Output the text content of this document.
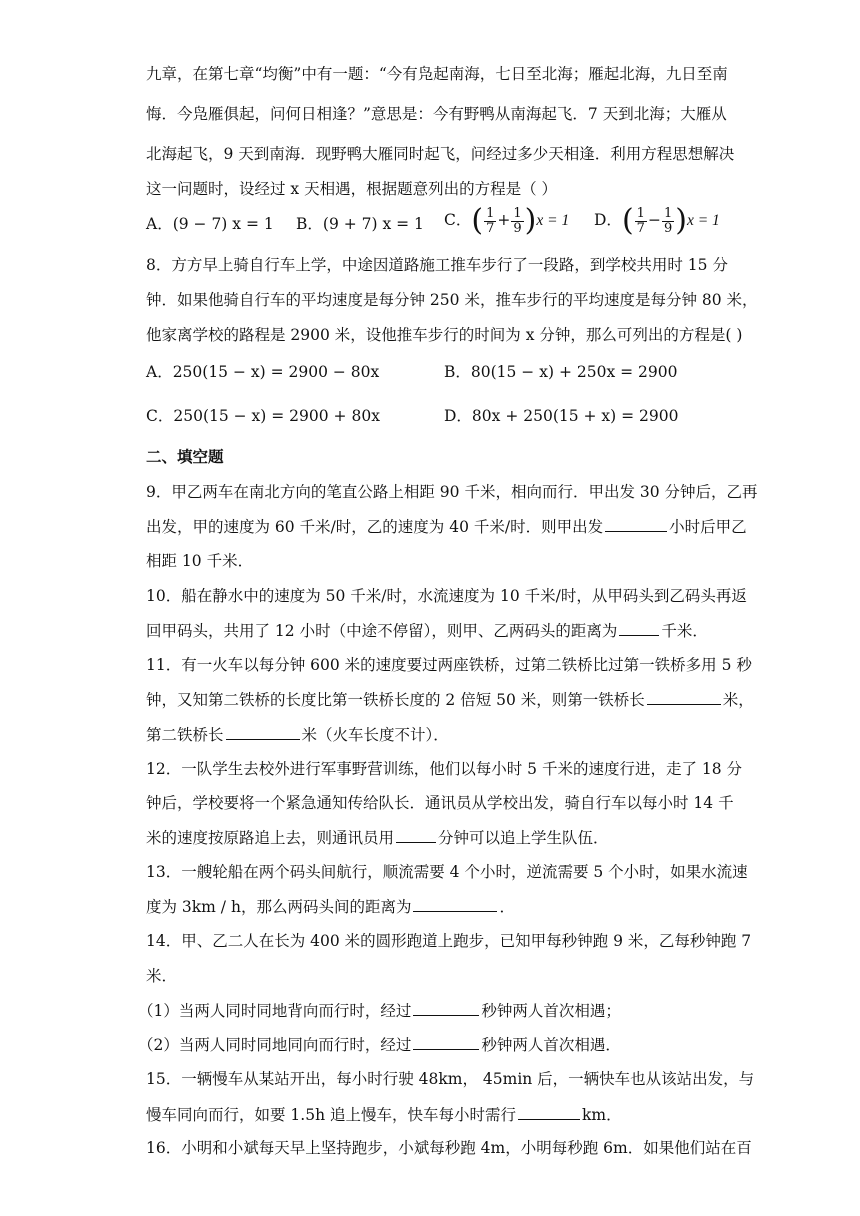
九章，在第七章“均衡”中有一题：“今有凫起南海，七日至北海；雁起北海，九日至南
悔．今凫雁俱起，问何日相逢？”意思是：今有野鸭从南海起飞．7 天到北海；大雁从
北海起飞，9 天到南海．现野鸭大雁同时起飞，问经过多少天相逢．利用方程思想解决
这一问题时，设经过 x 天相遇，根据题意列出的方程是（ ）
A．(9 − 7) x = 1 B．(9 + 7) x = 1 C．( $\frac{1}{7} + \frac{1}{9} )x = 1$ D．( $\frac{1}{7} - \frac{1}{9} )x = 1$
8．方方早上骑自行车上学，中途因道路施工推车步行了一段路，到学校共用时 15 分
钟．如果他骑自行车的平均速度是每分钟 250 米，推车步行的平均速度是每分钟 80 米，
他家离学校的路程是 2900 米，设他推车步行的时间为 x 分钟，那么可列出的方程是( )
A．250(15 − x) = 2900 − 80x	B．80(15 − x) + 250x = 2900
C．250(15 − x) = 2900 + 80x	D．80x + 250(15 + x) = 2900
二、填空题
9．甲乙两车在南北方向的笔直公路上相距 90 千米，相向而行．甲出发 30 分钟后，乙再
出发，甲的速度为 60 千米/时，乙的速度为 40 千米/时．则甲出发	小时后甲乙
相距 10 千米．
10．船在静水中的速度为 50 千米/时，水流速度为 10 千米/时，从甲码头到乙码头再返
回甲码头，共用了 12 小时（中途不停留），则甲、乙两码头的距离为	千米．
11．有一火车以每分钟 600 米的速度要过两座铁桥，过第二铁桥比过第一铁桥多用 5 秒
钟，又知第二铁桥的长度比第一铁桥长度的 2 倍短 50 米，则第一铁桥长	米，
第二铁桥长	米（火车长度不计）．
12．一队学生去校外进行军事野营训练，他们以每小时 5 千米的速度行进，走了 18 分
钟后，学校要将一个紧急通知传给队长．通讯员从学校出发，骑自行车以每小时 14 千
米的速度按原路追上去，则通讯员用	分钟可以追上学生队伍．
13．一艘轮船在两个码头间航行，顺流需要 4 个小时，逆流需要 5 个小时，如果水流速
度为 3km / h，那么两码头间的距离为	．
14．甲、乙二人在长为 400 米的圆形跑道上跑步，已知甲每秒钟跑 9 米，乙每秒钟跑 7
米．
（1）当两人同时同地背向而行时，经过	秒钟两人首次相遇；
（2）当两人同时同地同向而行时，经过	秒钟两人首次相遇．
15．一辆慢车从某站开出，每小时行驶 48km， 45min 后，一辆快车也从该站出发，与
慢车同向而行，如要 1.5h 追上慢车，快车每小时需行	km．
16．小明和小斌每天早上坚持跑步，小斌每秒跑 4m，小明每秒跑 6m．如果他们站在百
